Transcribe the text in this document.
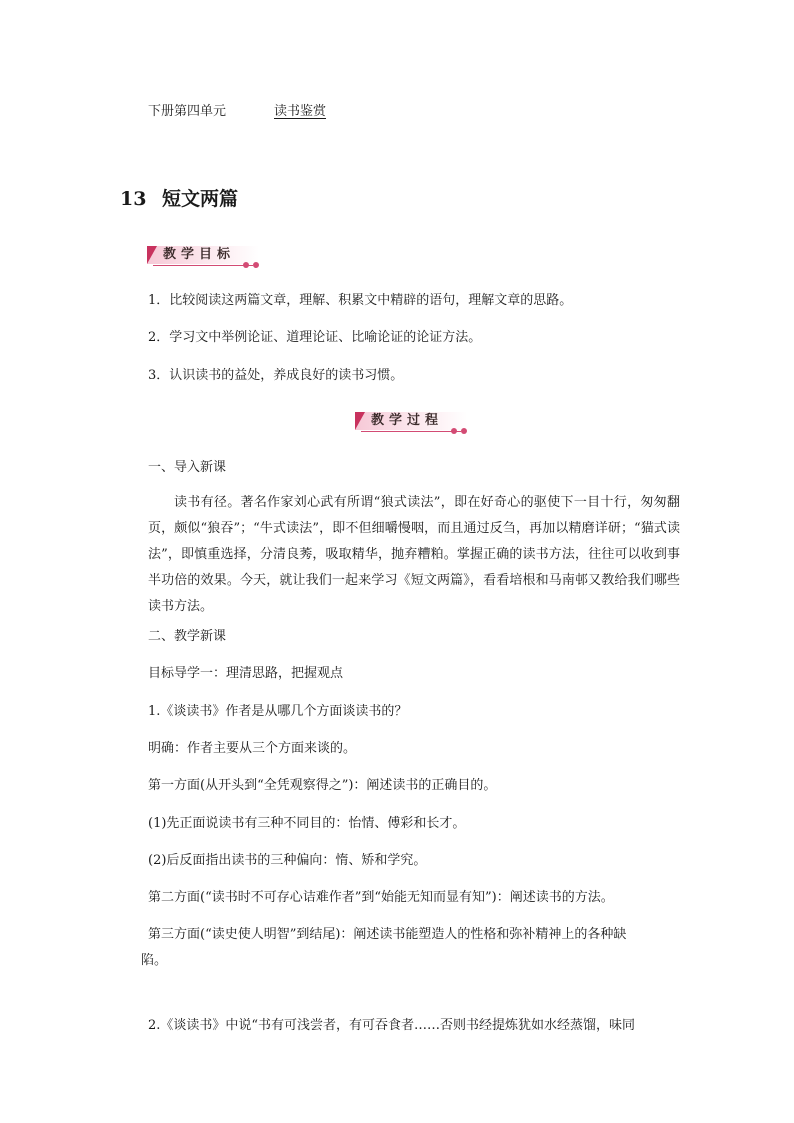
下册第四单元	读书鉴赏
13 短文两篇
教学目标
1．比较阅读这两篇文章，理解、积累文中精辟的语句，理解文章的思路。
2．学习文中举例论证、道理论证、比喻论证的论证方法。
3．认识读书的益处，养成良好的读书习惯。
教学过程
一、导入新课
读书有径。著名作家刘心武有所谓“狼式读法”，即在好奇心的驱使下一目十行，匆匆翻页，颇似“狼吞”；“牛式读法”，即不但细嚼慢咽，而且通过反刍，再加以精磨详研；“猫式读法”，即慎重选择，分清良莠，吸取精华，抛弃糟粕。掌握正确的读书方法，往往可以收到事半功倍的效果。今天，就让我们一起来学习《短文两篇》，看看培根和马南邨又教给我们哪些读书方法。
二、教学新课
目标导学一：理清思路，把握观点
1.《谈读书》作者是从哪几个方面谈读书的？
明确：作者主要从三个方面来谈的。
第一方面(从开头到“全凭观察得之”)：阐述读书的正确目的。
(1)先正面说读书有三种不同目的：怡情、傅彩和长才。
(2)后反面指出读书的三种偏向：惰、矫和学究。
第二方面(“读书时不可存心诘难作者”到“始能无知而显有知”)：阐述读书的方法。
第三方面(“读史使人明智”到结尾)：阐述读书能塑造人的性格和弥补精神上的各种缺
陷。
2.《谈读书》中说“书有可浅尝者，有可吞食者……否则书经提炼犹如水经蒸馏，味同
